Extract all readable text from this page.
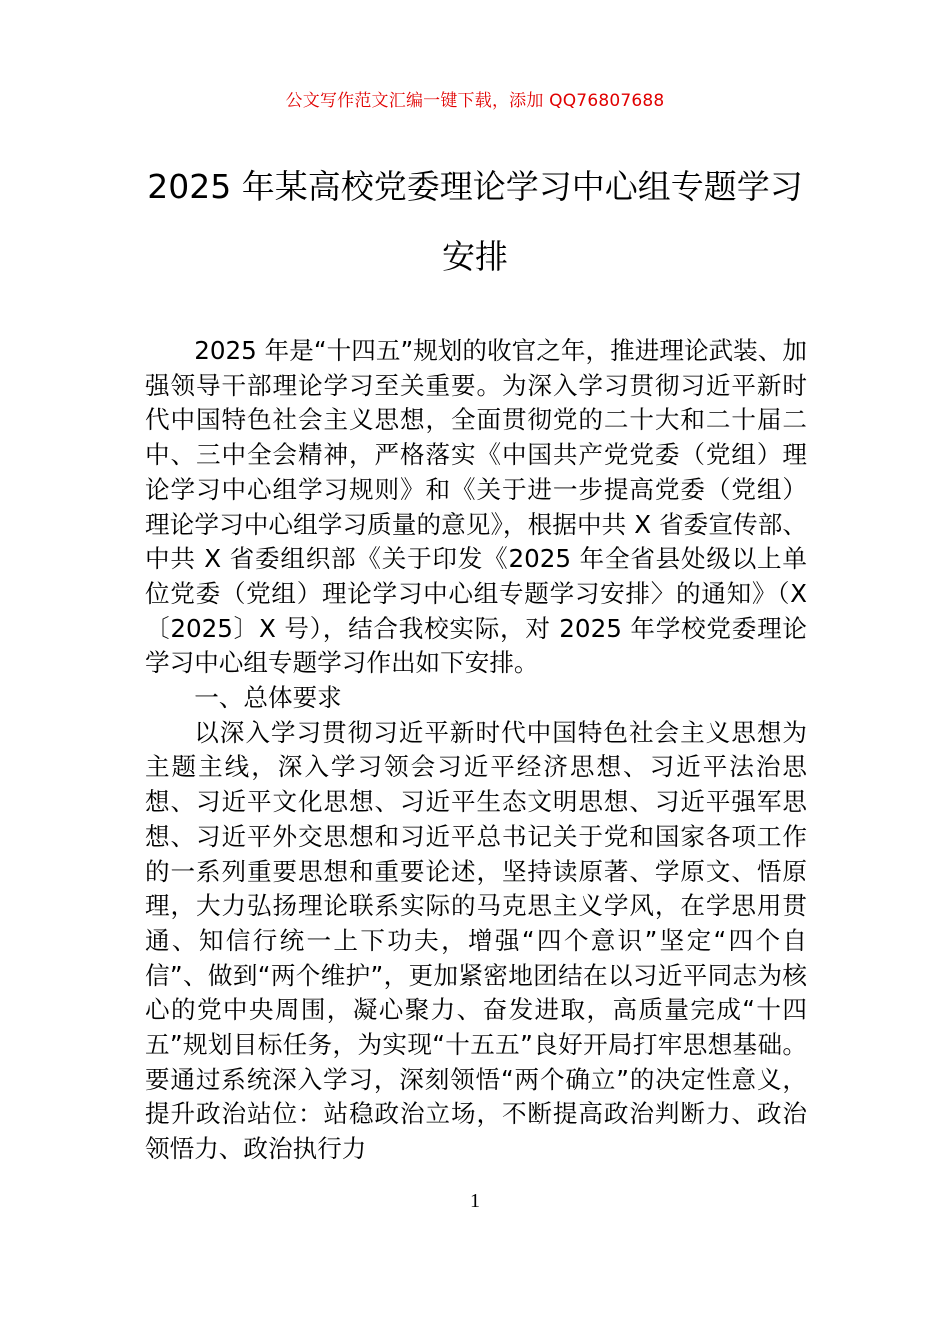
公文写作范文汇编一键下载，添加 QQ76807688
2025 年某高校党委理论学习中心组专题学习安排

2025 年是“十四五”规划的收官之年，推进理论武装、加强领导干部理论学习至关重要。为深入学习贯彻习近平新时代中国特色社会主义思想，全面贯彻党的二十大和二十届二中、三中全会精神，严格落实《中国共产党党委（党组）理论学习中心组学习规则》和《关于进一步提高党委（党组）理论学习中心组学习质量的意见》，根据中共 X 省委宣传部、中共 X 省委组织部《关于印发《2025 年全省县处级以上单位党委（党组）理论学习中心组专题学习安排〉的通知》（X〔2025〕X 号），结合我校实际，对 2025 年学校党委理论学习中心组专题学习作出如下安排。

一、总体要求

以深入学习贯彻习近平新时代中国特色社会主义思想为主题主线，深入学习领会习近平经济思想、习近平法治思想、习近平文化思想、习近平生态文明思想、习近平强军思想、习近平外交思想和习近平总书记关于党和国家各项工作的一系列重要思想和重要论述，坚持读原著、学原文、悟原理，大力弘扬理论联系实际的马克思主义学风，在学思用贯通、知信行统一上下功夫，增强“四个意识”坚定“四个自信”、做到“两个维护”，更加紧密地团结在以习近平同志为核心的党中央周围，凝心聚力、奋发进取，高质量完成“十四五”规划目标任务，为实现“十五五”良好开局打牢思想基础。要通过系统深入学习，深刻领悟“两个确立”的决定性意义，提升政治站位：站稳政治立场，不断提高政治判断力、政治领悟力、政治执行力

1
